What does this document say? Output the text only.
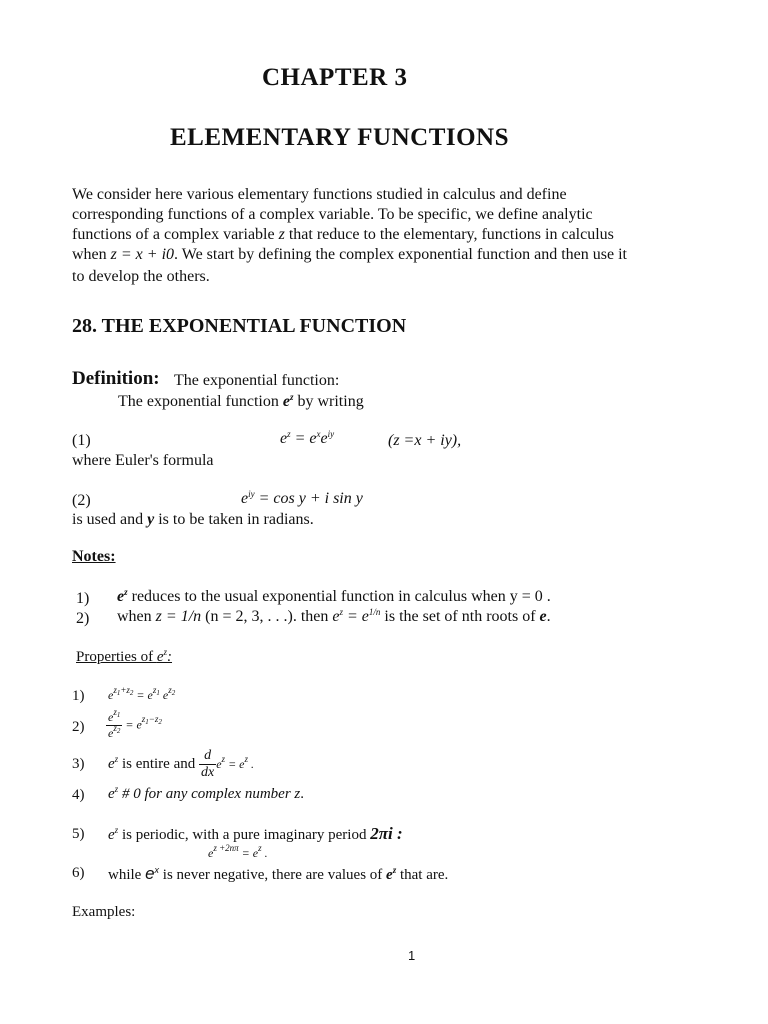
CHAPTER 3
ELEMENTARY FUNCTIONS
We consider here various elementary functions studied in calculus and define
corresponding functions of a complex variable. To be specific, we define analytic
functions of a complex variable z that reduce to the elementary, functions in calculus
when z = x + i0. We start by defining the complex exponential function and then use it
to develop the others.
28. THE EXPONENTIAL FUNCTION
Definition: The exponential function:
The exponential function $e^z$ by writing
(1)	$e^z = e^xe^{iy}$	(z =x + iy),
where Euler's formula
(2)	$e^{iy} = \cos y + i$ sin y
is used and y is to be taken in radians.
Notes:
1) $e^z$ reduces to the usual exponential function in calculus when y = 0 .
2) when z = 1/n (n = 2, 3, . . .). then $e^z = e^{1/n}$ is the set of nth roots of e.
Properties of $e^z$:
1) $e^{z_1+z_2} = e^{z_1}$ $e^{z_2}$
$2) \frac{e^{z_1}}{e^{z_2}} = e^{z_1-z_2}$
3) $e^z$ is entire and $\frac{d}{dx} e^z = e^z$ .
4) $e^z$ # 0 for any complex number z.
5) $e^z$ is periodic, with a pure imaginary period 2πi :
$e^{z +2n\pi} = e^z$ .
6) while $e^x$ is never negative, there are values of $e^z$ that are.
Examples:
1
